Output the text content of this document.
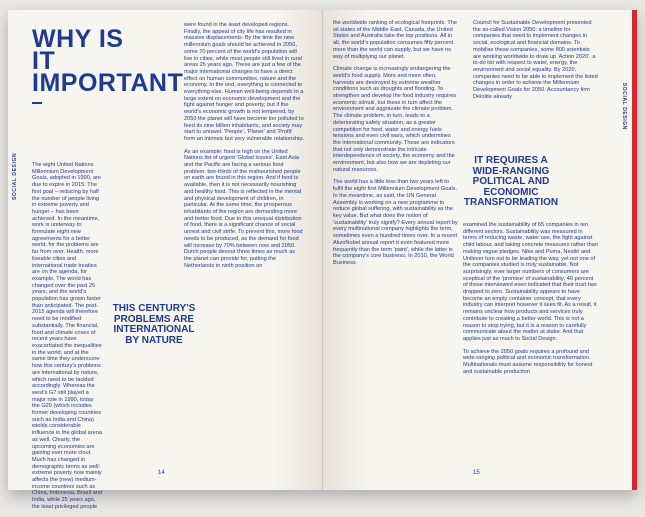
SOCIAL DESIGN
WHY IS IT IMPORTANT

The eight United Nations Millennium Development Goals, adopted in 1990, are due to expire in 2015. The first goal – reducing by half the number of people living in extreme poverty and hunger – has been achieved. In the meantime, work is underway to formulate eight new agreements for a better world, for the problems are far from over. Health, more liveable cities and international trade treaties are on the agenda, for example. The world has changed over the past 25 years, and the world's population has grown faster than anticipated. The post-2015 agenda will therefore need to be modified substantially. The financial, food and climate crises of recent years have exacerbated the inequalities in the world, and at the same time they underscore how this century's problems are international by nature, which need to be tackled accordingly. Whereas the west's G7 still played a major role in 1990, today the G20 (which includes former developing countries such as India and China) wields considerable influence in the global arena as well. Clearly, the upcoming economies are gaining ever more clout. Much has changed in demographic terms as well: extreme poverty now mainly affects the (new) medium-income countries such as China, Indonesia, Brazil and India, while 25 years ago, the least privileged people

were found in the least developed regions. Finally, the appeal of city life has resulted in massive displacements. By the time the new millennium goals should be achieved in 2050, some 70 percent of the world's population will live in cities, while most people still lived in rural areas 25 years ago. These are just a few of the major international changes to have a direct effect on human communities, nature and the economy. In the end, everything is connected to everything else. Human well-being depends to a large extent on economic development and the fight against hunger and poverty; but if the world's economic growth is not tempered, by 2050 the planet will have become too polluted to feed its nine billion inhabitants, and society may start to unravel. 'People', 'Planet' and 'Profit' form an intrinsic but very vulnerable relationship.

As an example: food is high on the United Nations list of urgent 'Global Issues'. East Asia and the Pacific are facing a serious food problem: two-thirds of the malnourished people on earth are found in this region. And if food is available, then it is not necessarily nourishing and healthy food. This is reflected in the mental and physical development of children, in particular. At the same time, the prosperous inhabitants of the region are demanding more and better food. Due to this unequal distribution of food, there is a significant chance of social unrest and civil strife. To prevent this, more food needs to be produced, as the demand for food will increase by 70% between now and 2050. Dutch people devour three times as much as the planet can provide for, putting the Netherlands in ninth position on

THIS CENTURY'S PROBLEMS ARE INTERNATIONAL BY NATURE
14
SOCIAL DESIGN

the worldwide ranking of ecological footprints. The oil states of the Middle East, Canada, the United States and Australia take the top positions. All in all, the world's population consumes fifty percent more than the world can supply, but we have no way of multiplying our planet.

Climate change is increasingly endangering the world's food supply. More and more often, harvests are destroyed by extreme weather conditions such as droughts and flooding. To strengthen and develop the food industry requires economic stimuli, but these in turn affect the environment and aggravate the climate problem. The climate problem, in turn, leads to a deteriorating safety situation, as a greater competition for food, water and energy fuels tensions and even civil wars, which undermines the international community. These are indicators that not only demonstrate the intricate interdependence of society, the economy and the environment, but also how we are depleting our natural resources.

The world has a little less than two years left to fulfil the eight first Millennium Development Goals. In the meantime, as said, the UN General Assembly is working on a new programme to reduce global suffering, with sustainability as the key value. But what does the notion of 'sustainability' truly signify? Every annual report by every multinational company highlights the term, sometimes even a hundred times over. In a recent AkzoNobel annual report it even featured more frequently than the term 'paint', while the latter is the company's core business. In 2010, the World Business

IT REQUIRES A WIDE-RANGING POLITICAL AND ECONOMIC TRANSFORMATION

Council for Sustainable Development presented the so-called Vision 2050: a timeline for companies that need to implement changes in social, ecological and financial domains. To mobilise these companies, some 800 scientists are working worldwide to draw up 'Action 2020', a to-do list with respect to water, energy, the environment and social equality. By 2020, companies need to be able to implement the listed changes in order to achieve the Millennium Development Goals for 2050. Accountancy firm Deloitte already

examined the sustainability of 65 companies in ten different sectors. Sustainability was measured in terms of reducing waste, water use, the fight against child labour, and taking concrete measures rather than making vague pledges. Nike and Puma, Nestlé and Unilever turn out to be leading the way, yet not one of the companies studied is truly sustainable. Not surprisingly, ever larger numbers of consumers are sceptical of the 'promise' of sustainability; 40 percent of those interviewed even indicated that their trust has dropped to zero. Sustainability appears to have become an empty container concept, that every industry can interpret however it sees fit. As a result, it remains unclear how products and services truly contribute to creating a better world. This is not a reason to stop trying, but it is a reason to carefully communicate about the matter at stake. And that applies just as much to Social Design.

To achieve the 2050 goals requires a profound and wide-ranging political and economic transformation. Multinationals must assume responsibility for honest and sustainable production

15
